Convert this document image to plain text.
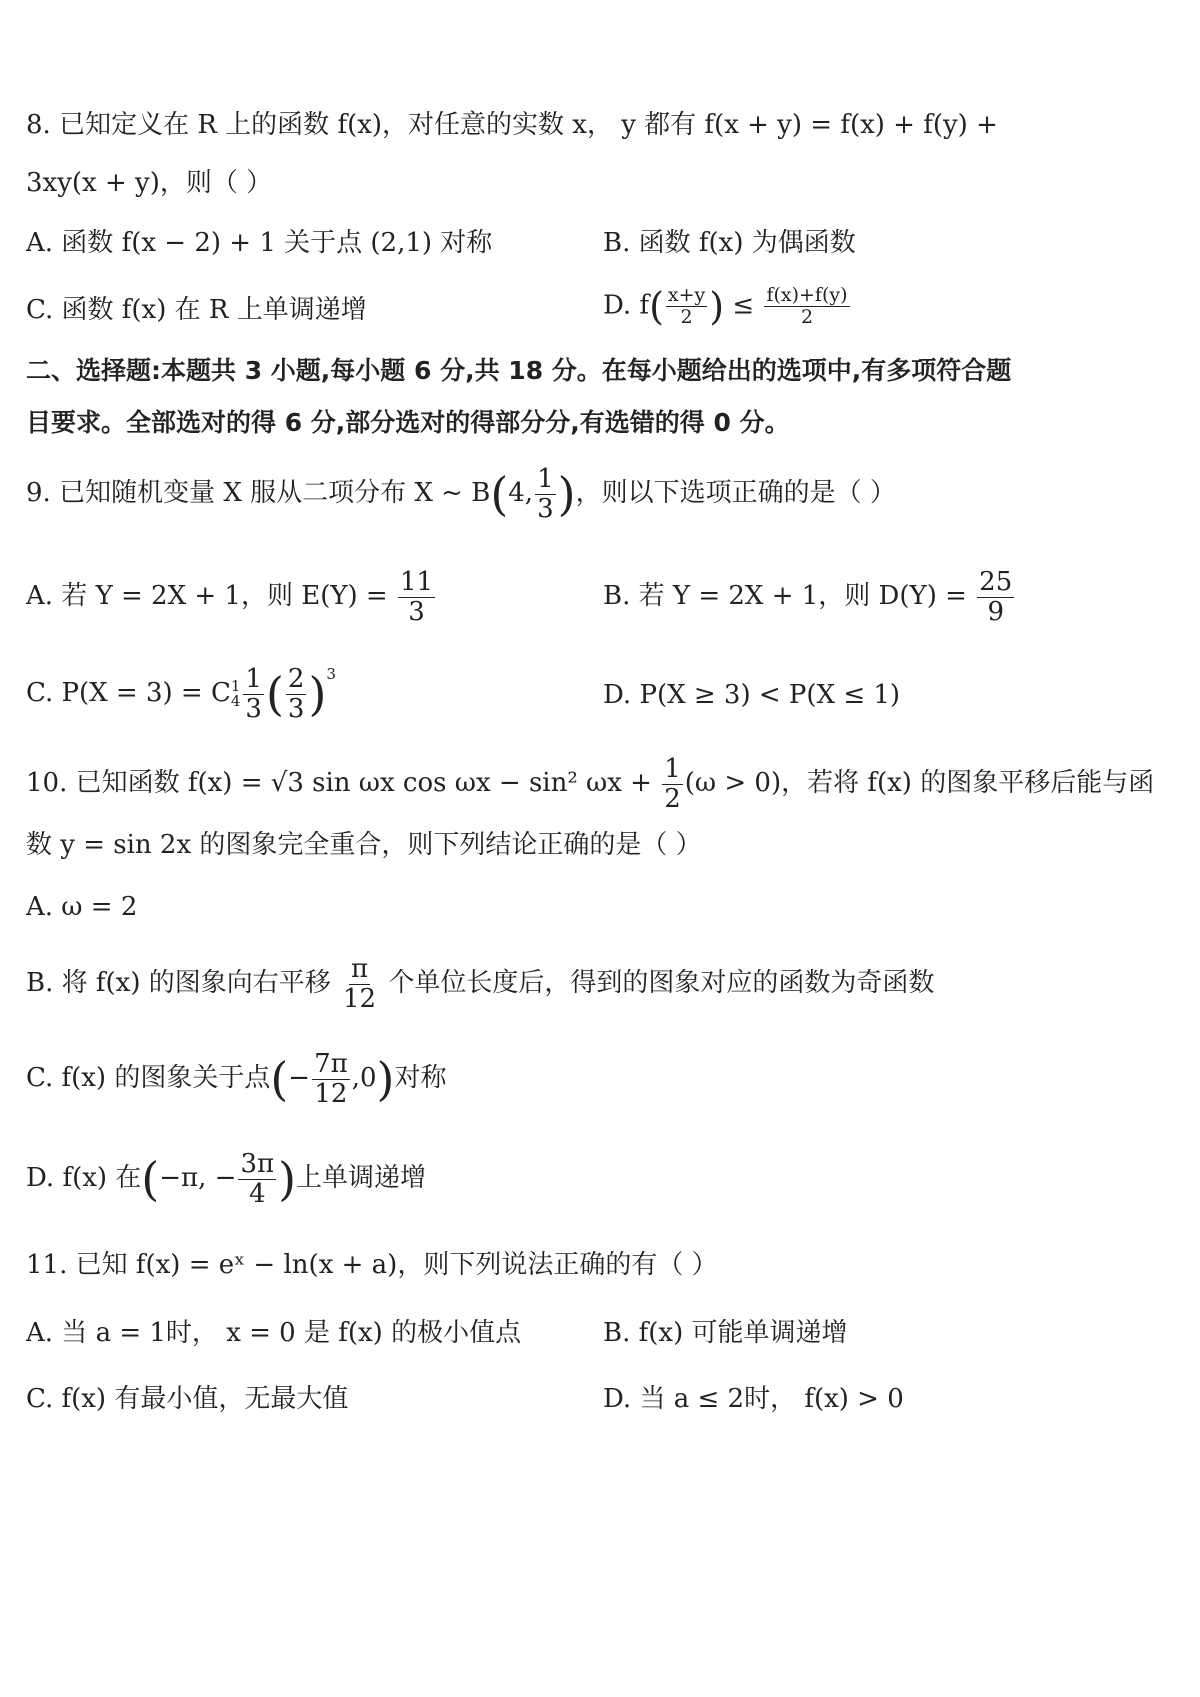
8. 已知定义在 R 上的函数 f(x)，对任意的实数 x， y 都有 f(x + y) = f(x) + f(y) +
3xy(x + y)，则（ ）
A. 函数 f(x − 2) + 1 关于点 (2,1) 对称	B. 函数 f(x) 为偶函数
C. 函数 f(x) 在 R 上单调递增	D. $f( \frac{x+y}{2}$ ) ≤ $\frac{f(x)+f(y)}{2}$
二、选择题:本题共 3 小题,每小题 6 分,共 18 分。在每小题给出的选项中,有多项符合题
目要求。全部选对的得 6 分,部分选对的得部分分,有选错的得 0 分。
9. 已知随机变量 X 服从二项分布 X ~ B(4, $\frac{1}{3}$ )，则以下选项正确的是（ ）
A. 若 Y = 2X + 1，则 $E(Y) = \frac{11}{3}$	B. 若 Y = 2X + 1，则 $D(Y) = \frac{25}{9}$
C. P(X = 3) = C 1
$4 \frac{1}{3}$ ( $\frac{2}{3} )^3$
D. P(X ≥ 3) < P(X ≤ 1)
10. 已知函数 f(x) = √3 sin ωx cos ωx − sin² $\omega x + \frac{1}{2} (\omega > 0)$，若将 f(x) 的图象平移后能与函
数 y = sin 2x 的图象完全重合，则下列结论正确的是（ ）
A. ω = 2
B. 将 f(x) 的图象向右平移 $\frac{\pi}{12}$ 个单位长度后，得到的图象对应的函数为奇函数
C. f(x) 的图象关于点(− $\frac{7\pi}{12} ,0$)对称
D. f(x) 在(−π, − $\frac{3\pi}{4}$ )上单调递增
11. 已知 f(x) = eˣ − ln(x + a)，则下列说法正确的有（ ）
A. 当 a = 1时， x = 0 是 f(x) 的极小值点	B. f(x) 可能单调递增
C. f(x) 有最小值，无最大值	D. 当 a ≤ 2时， f(x) > 0
